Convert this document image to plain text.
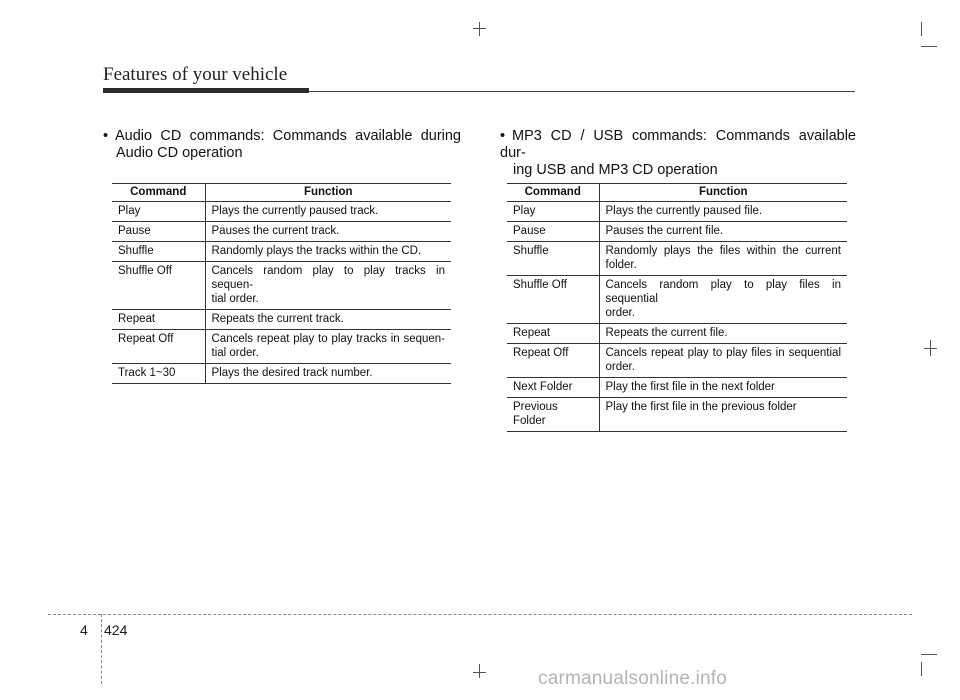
Features of your vehicle
• Audio CD commands: Commands available during
Audio CD operation
• MP3 CD / USB commands: Commands available dur-
ing USB and MP3 CD operation
Command	Function
Play	Plays the currently paused track.
Pause	Pauses the current track.
Shuffle	Randomly plays the tracks within the CD.
Shuffle Off	Cancels random play to play tracks in sequen-
tial order.

Repeat	Repeats the current track.
Repeat Off	Cancels repeat play to play tracks in sequen-
tial order.

Track 1~30	Plays the desired track number.
Command	Function
Play	Plays the currently paused file.
Pause	Pauses the current file.
Shuffle	Randomly plays the files within the current
folder.

Shuffle Off	Cancels random play to play files in sequential
order.

Repeat	Repeats the current file.
Repeat Off	Cancels repeat play to play files in sequential
order.

Next Folder	Play the first file in the next folder
Previous Folder	Play the first file in the previous folder
4 424
carmanualsonline.info
